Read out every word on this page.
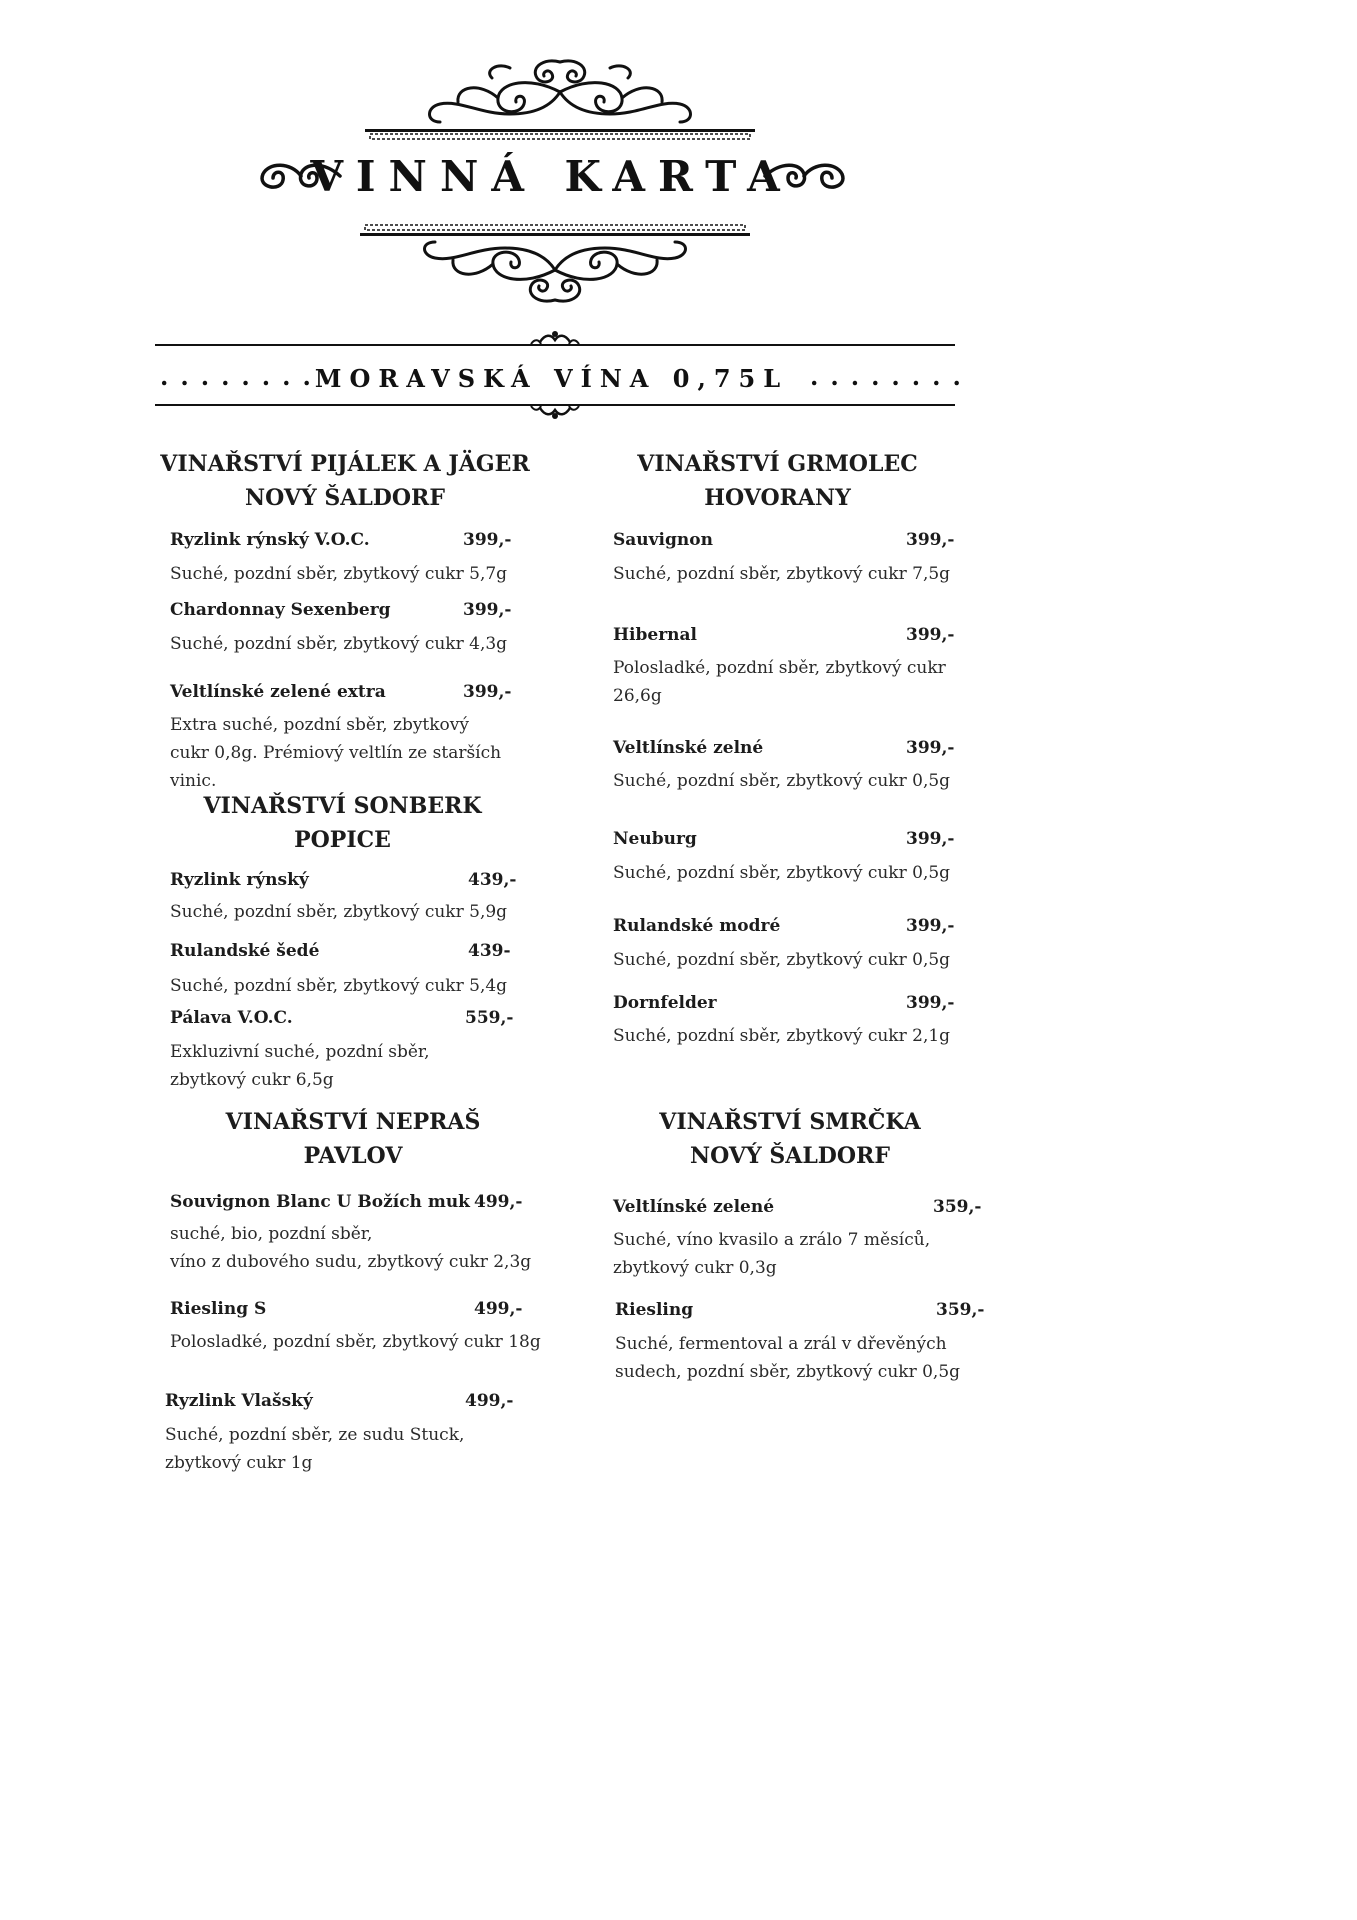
VINNÁ KARTA
........
MORAVSKÁ VÍNA 0,75L ........
VINAŘSTVÍ PIJÁLEK A JÄGER
NOVÝ ŠALDORF
Ryzlink rýnský V.O.C.	399,-
Suché, pozdní sběr, zbytkový cukr 5,7g
Chardonnay Sexenberg	399,-
Suché, pozdní sběr, zbytkový cukr 4,3g
Veltlínské zelené extra	399,-
Extra suché, pozdní sběr, zbytkový cukr 0,8g. Prémiový veltlín ze starších vinic.
VINAŘSTVÍ SONBERK
POPICE
Ryzlink rýnský	439,-
Suché, pozdní sběr, zbytkový cukr 5,9g
Rulandské šedé	439-
Suché, pozdní sběr, zbytkový cukr 5,4g
Pálava V.O.C.	559,-
Exkluzivní suché, pozdní sběr, zbytkový cukr 6,5g
VINAŘSTVÍ NEPRAŠ
PAVLOV
Souvignon Blanc U Božích muk 499,-
suché, bio, pozdní sběr,
víno z dubového sudu, zbytkový cukr 2,3g
Riesling S	499,-
Polosladké, pozdní sběr, zbytkový cukr 18g
Ryzlink Vlašský	499,-
Suché, pozdní sběr, ze sudu Stuck, zbytkový cukr 1g
VINAŘSTVÍ GRMOLEC
HOVORANY
Sauvignon	399,-
Suché, pozdní sběr, zbytkový cukr 7,5g
Hibernal	399,-
Polosladké, pozdní sběr, zbytkový cukr 26,6g
Veltlínské zelné	399,-
Suché, pozdní sběr, zbytkový cukr 0,5g
Neuburg	399,-
Suché, pozdní sběr, zbytkový cukr 0,5g
Rulandské modré	399,-
Suché, pozdní sběr, zbytkový cukr 0,5g
Dornfelder	399,-
Suché, pozdní sběr, zbytkový cukr 2,1g
VINAŘSTVÍ SMRČKA
NOVÝ ŠALDORF
Veltlínské zelené	359,-
Suché, víno kvasilo a zrálo 7 měsíců, zbytkový cukr 0,3g
Riesling	359,-
Suché, fermentoval a zrál v dřevěných sudech, pozdní sběr, zbytkový cukr 0,5g
